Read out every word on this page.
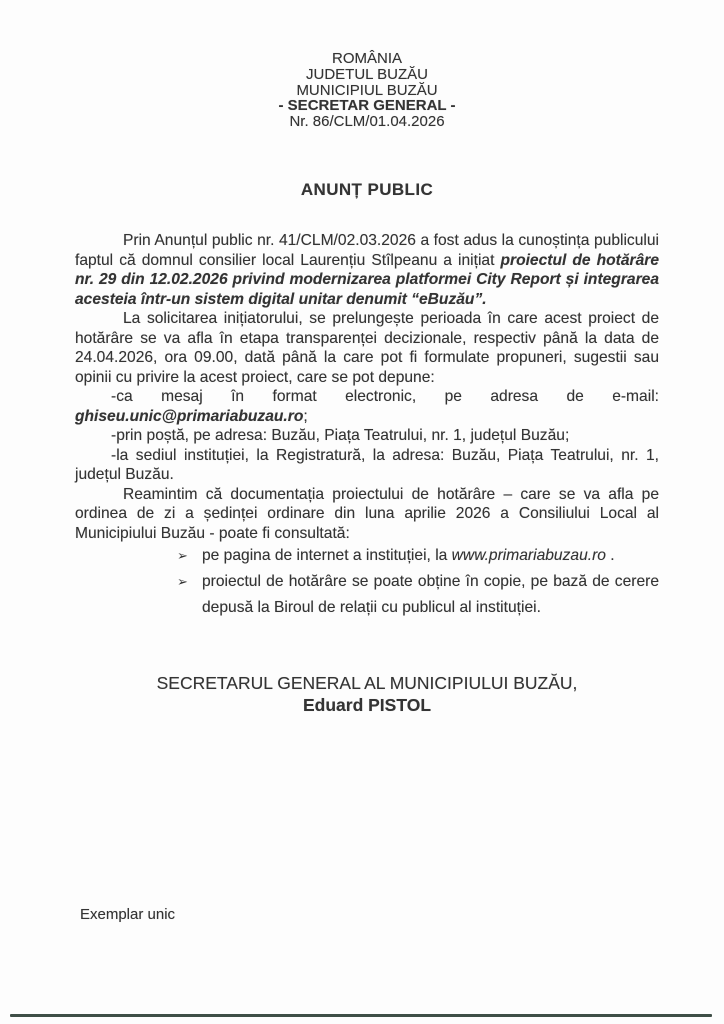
ROMÂNIA

JUDETUL BUZĂU

MUNICIPIUL BUZĂU

- SECRETAR GENERAL -

Nr. 86/CLM/01.04.2026

ANUNȚ PUBLIC

Prin Anunțul public nr. 41/CLM/02.03.2026 a fost adus la cunoștința publicului faptul că domnul consilier local Laurențiu Stîlpeanu a inițiat proiectul de hotărâre nr. 29 din 12.02.2026 privind modernizarea platformei City Report și integrarea acesteia într-un sistem digital unitar denumit “eBuzău”.

La solicitarea inițiatorului, se prelungește perioada în care acest proiect de hotărâre se va afla în etapa transparenței decizionale, respectiv până la data de 24.04.2026, ora 09.00, dată până la care pot fi formulate propuneri, sugestii sau opinii cu privire la acest proiect, care se pot depune:

-ca mesaj în format electronic, pe adresa de e-mail: ghiseu.unic@primariabuzau.ro;

-prin poștă, pe adresa: Buzău, Piața Teatrului, nr. 1, județul Buzău;

-la sediul instituției, la Registratură, la adresa: Buzău, Piața Teatrului, nr. 1, județul Buzău.

Reamintim că documentația proiectului de hotărâre – care se va afla pe ordinea de zi a ședinței ordinare din luna aprilie 2026 a Consiliului Local al Municipiului Buzău - poate fi consultată:

➢ pe pagina de internet a instituției, la www.primariabuzau.ro .
➢ proiectul de hotărâre se poate obține în copie, pe bază de cerere depusă la Biroul de relații cu publicul al instituției.

SECRETARUL GENERAL AL MUNICIPIULUI BUZĂU,

Eduard PISTOL

Exemplar unic
